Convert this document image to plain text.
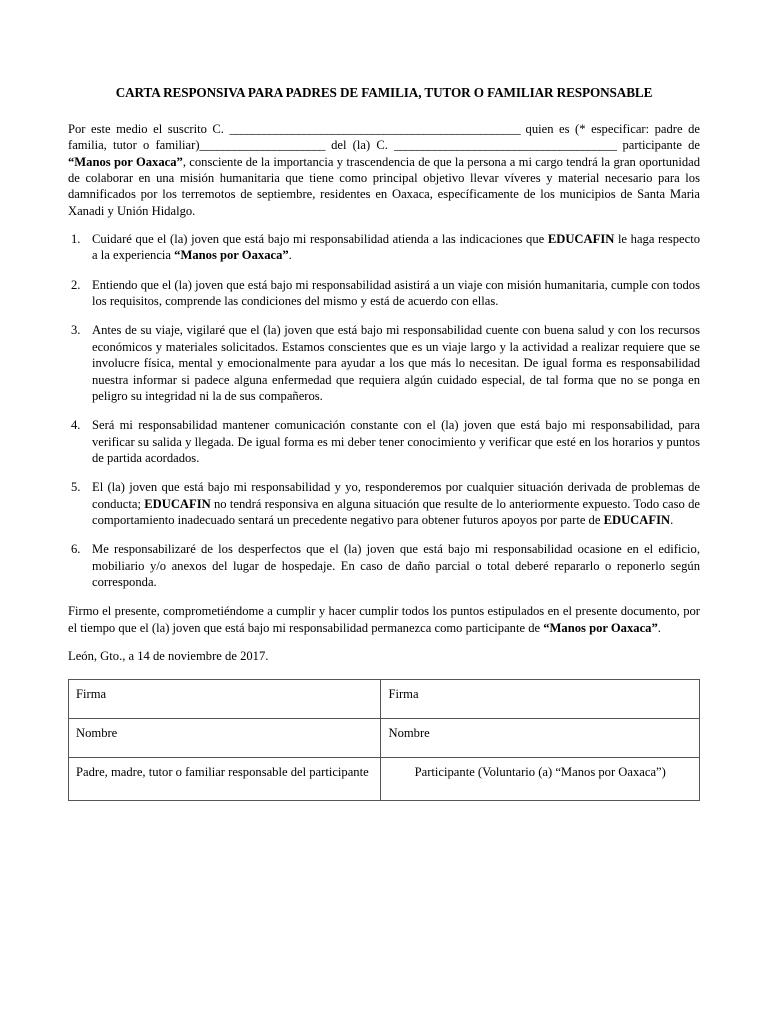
CARTA RESPONSIVA PARA PADRES DE FAMILIA, TUTOR O FAMILIAR RESPONSABLE

Por este medio el suscrito C. ___________________________________________________ quien es (* especificar: padre de familia, tutor o familiar)______________________ del (la) C. _______________________________________ participante de “Manos por Oaxaca”, consciente de la importancia y trascendencia de que la persona a mi cargo tendrá la gran oportunidad de colaborar en una misión humanitaria que tiene como principal objetivo llevar víveres y material necesario para los damnificados por los terremotos de septiembre, residentes en Oaxaca, específicamente de los municipios de Santa Maria Xanadi y Unión Hidalgo.

1. Cuidaré que el (la) joven que está bajo mi responsabilidad atienda a las indicaciones que EDUCAFIN le haga respecto a la experiencia “Manos por Oaxaca”.
2. Entiendo que el (la) joven que está bajo mi responsabilidad asistirá a un viaje con misión humanitaria, cumple con todos los requisitos, comprende las condiciones del mismo y está de acuerdo con ellas.
3. Antes de su viaje, vigilaré que el (la) joven que está bajo mi responsabilidad cuente con buena salud y con los recursos económicos y materiales solicitados. Estamos conscientes que es un viaje largo y la actividad a realizar requiere que se involucre física, mental y emocionalmente para ayudar a los que más lo necesitan. De igual forma es responsabilidad nuestra informar si padece alguna enfermedad que requiera algún cuidado especial, de tal forma que no se ponga en peligro su integridad ni la de sus compañeros.
4. Será mi responsabilidad mantener comunicación constante con el (la) joven que está bajo mi responsabilidad, para verificar su salida y llegada. De igual forma es mi deber tener conocimiento y verificar que esté en los horarios y puntos de partida acordados.
5. El (la) joven que está bajo mi responsabilidad y yo, responderemos por cualquier situación derivada de problemas de conducta; EDUCAFIN no tendrá responsiva en alguna situación que resulte de lo anteriormente expuesto. Todo caso de comportamiento inadecuado sentará un precedente negativo para obtener futuros apoyos por parte de EDUCAFIN.
6. Me responsabilizaré de los desperfectos que el (la) joven que está bajo mi responsabilidad ocasione en el edificio, mobiliario y/o anexos del lugar de hospedaje. En caso de daño parcial o total deberé repararlo o reponerlo según corresponda.

Firmo el presente, comprometiéndome a cumplir y hacer cumplir todos los puntos estipulados en el presente documento, por el tiempo que el (la) joven que está bajo mi responsabilidad permanezca como participante de “Manos por Oaxaca”.

León, Gto., a 14 de noviembre de 2017.

Firma	Firma
Nombre	Nombre
Padre, madre, tutor o familiar responsable del participante	Participante (Voluntario (a) “Manos por Oaxaca”)
